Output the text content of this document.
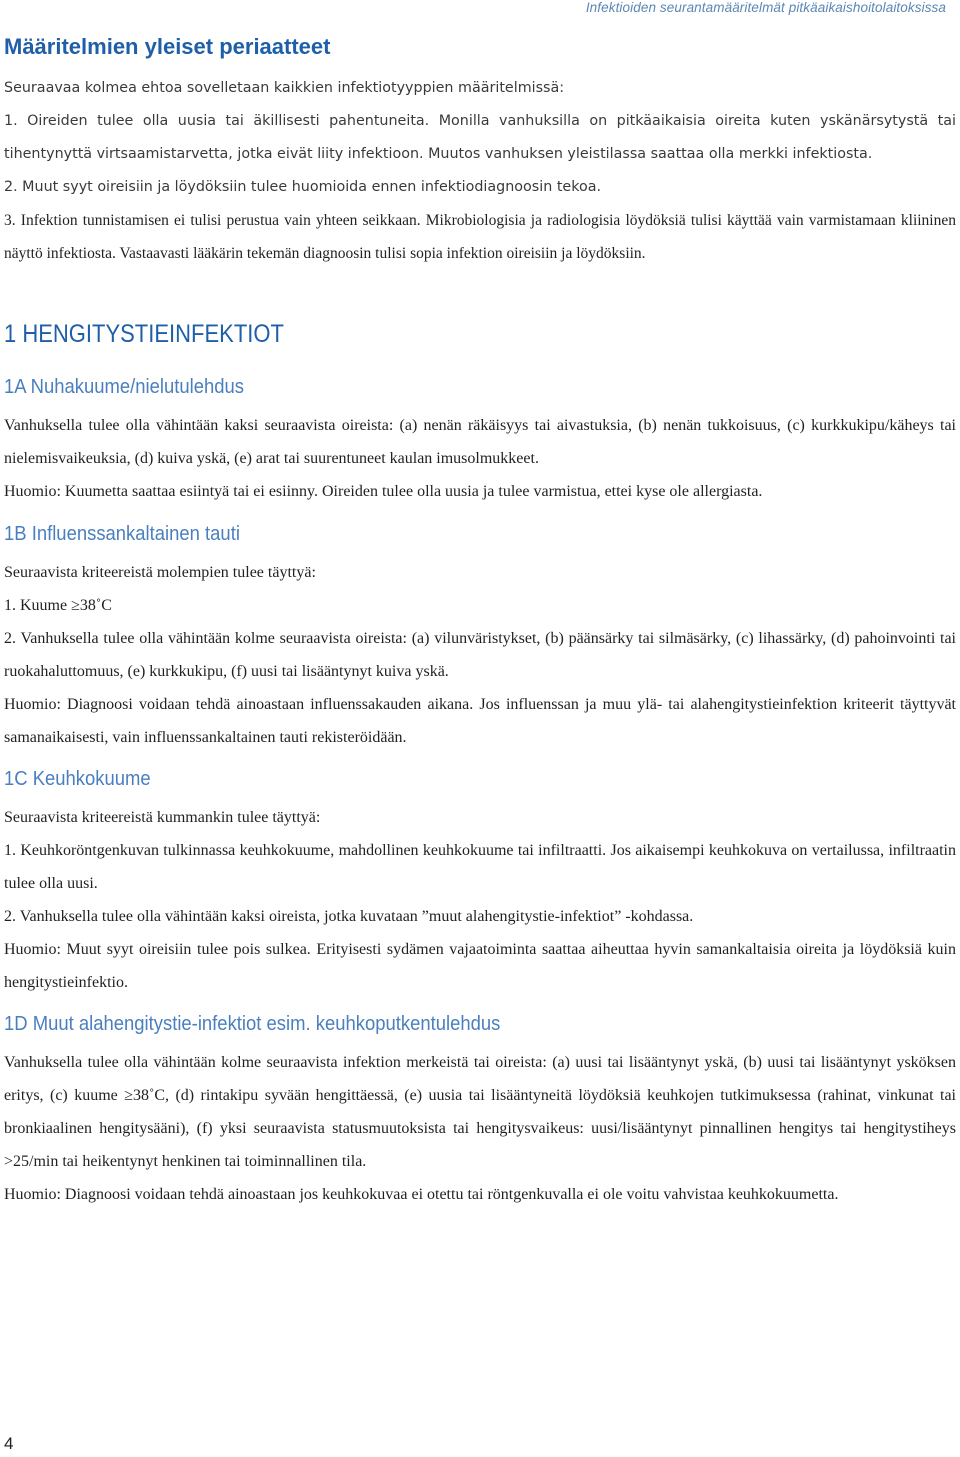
Infektioiden seurantamääritelmät pitkäaikaishoitolaitoksissa
Määritelmien yleiset periaatteet

Seuraavaa kolmea ehtoa sovelletaan kaikkien infektiotyyppien määritelmissä:

1. Oireiden tulee olla uusia tai äkillisesti pahentuneita. Monilla vanhuksilla on pitkäaikaisia oireita kuten yskänärsytystä tai tihentynyttä virtsaamistarvetta, jotka eivät liity infektioon. Muutos vanhuksen yleistilassa saattaa olla merkki infektiosta.

2. Muut syyt oireisiin ja löydöksiin tulee huomioida ennen infektiodiagnoosin tekoa.

3. Infektion tunnistamisen ei tulisi perustua vain yhteen seikkaan. Mikrobiologisia ja radiologisia löydöksiä tulisi käyttää vain varmistamaan kliininen näyttö infektiosta. Vastaavasti lääkärin tekemän diagnoosin tulisi sopia infektion oireisiin ja löydöksiin.

1 HENGITYSTIEINFEKTIOT
1A Nuhakuume/nielutulehdus

Vanhuksella tulee olla vähintään kaksi seuraavista oireista: (a) nenän räkäisyys tai aivastuksia, (b) nenän tukkoisuus, (c) kurkkukipu/käheys tai nielemisvaikeuksia, (d) kuiva yskä, (e) arat tai suurentuneet kaulan imusolmukkeet.

Huomio: Kuumetta saattaa esiintyä tai ei esiinny. Oireiden tulee olla uusia ja tulee varmistua, ettei kyse ole allergiasta.

1B Influenssankaltainen tauti

Seuraavista kriteereistä molempien tulee täyttyä:

1. Kuume ≥38˚C

2. Vanhuksella tulee olla vähintään kolme seuraavista oireista: (a) vilunväristykset, (b) päänsärky tai silmäsärky, (c) lihassärky, (d) pahoinvointi tai ruokahaluttomuus, (e) kurkkukipu, (f) uusi tai lisääntynyt kuiva yskä.

Huomio: Diagnoosi voidaan tehdä ainoastaan influenssakauden aikana. Jos influenssan ja muu ylä- tai alahengitystieinfektion kriteerit täyttyvät samanaikaisesti, vain influenssankaltainen tauti rekisteröidään.

1C Keuhkokuume

Seuraavista kriteereistä kummankin tulee täyttyä:

1. Keuhkoröntgenkuvan tulkinnassa keuhkokuume, mahdollinen keuhkokuume tai infiltraatti. Jos aikaisempi keuhkokuva on vertailussa, infiltraatin tulee olla uusi.

2. Vanhuksella tulee olla vähintään kaksi oireista, jotka kuvataan ”muut alahengitystie-infektiot” -kohdassa.

Huomio: Muut syyt oireisiin tulee pois sulkea. Erityisesti sydämen vajaatoiminta saattaa aiheuttaa hyvin samankaltaisia oireita ja löydöksiä kuin hengitystieinfektio.

1D Muut alahengitystie-infektiot esim. keuhkoputkentulehdus

Vanhuksella tulee olla vähintään kolme seuraavista infektion merkeistä tai oireista: (a) uusi tai lisääntynyt yskä, (b) uusi tai lisääntynyt ysköksen eritys, (c) kuume ≥38˚C, (d) rintakipu syvään hengittäessä, (e) uusia tai lisääntyneitä löydöksiä keuhkojen tutkimuksessa (rahinat, vinkunat tai bronkiaalinen hengitysääni), (f) yksi seuraavista statusmuutoksista tai hengitysvaikeus: uusi/lisääntynyt pinnallinen hengitys tai hengitystiheys >25/min tai heikentynyt henkinen tai toiminnallinen tila.

Huomio: Diagnoosi voidaan tehdä ainoastaan jos keuhkokuvaa ei otettu tai röntgenkuvalla ei ole voitu vahvistaa keuhkokuumetta.

4
